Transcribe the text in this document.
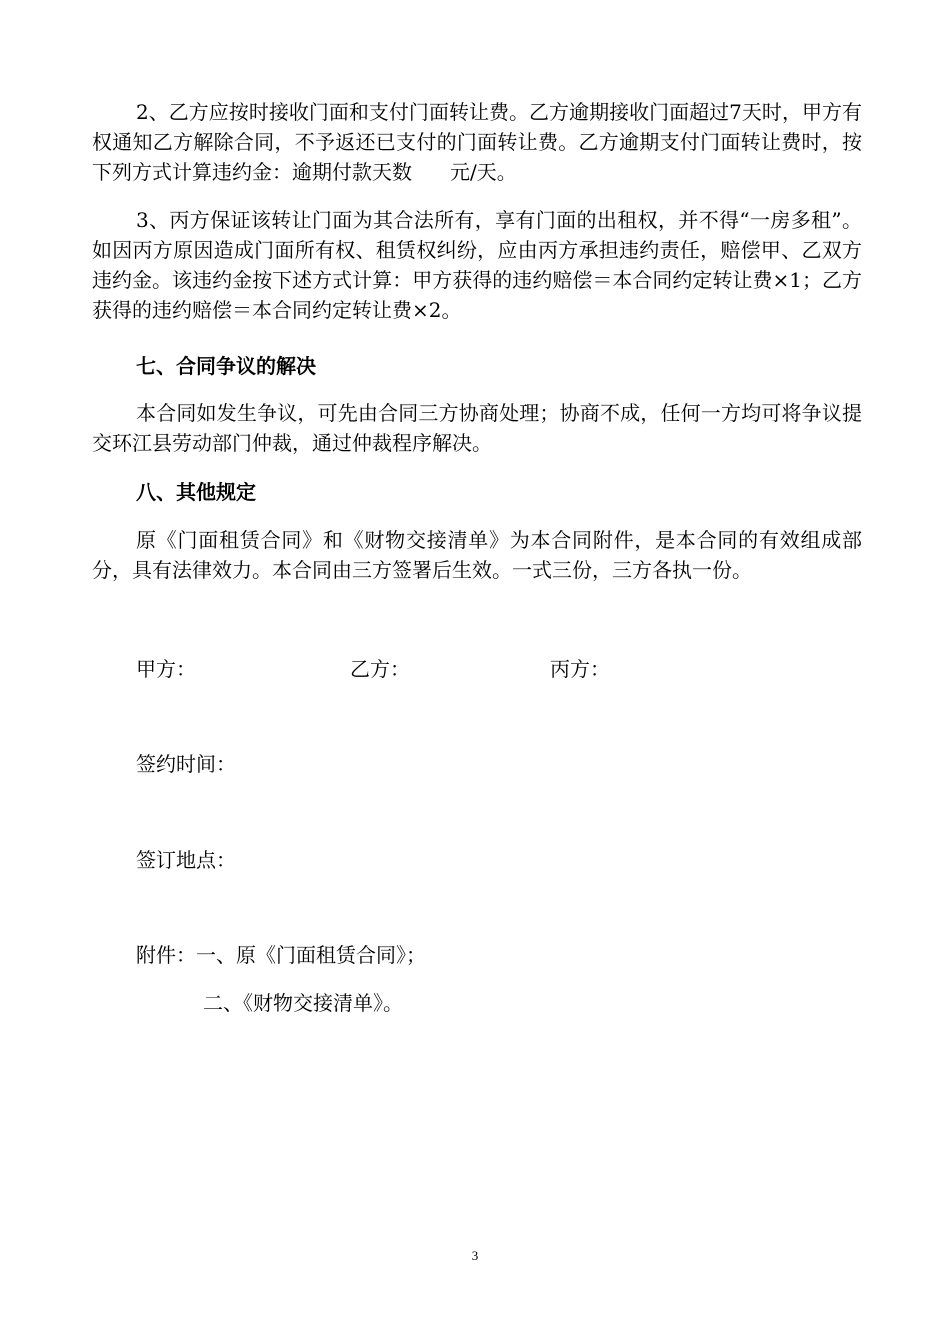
2、乙方应按时接收门面和支付门面转让费。乙方逾期接收门面超过7天时，甲方有权通知乙方解除合同，不予返还已支付的门面转让费。乙方逾期支付门面转让费时，按下列方式计算违约金：逾期付款天数 元/天。

3、丙方保证该转让门面为其合法所有，享有门面的出租权，并不得“一房多租”。如因丙方原因造成门面所有权、租赁权纠纷，应由丙方承担违约责任，赔偿甲、乙双方违约金。该违约金按下述方式计算：甲方获得的违约赔偿＝本合同约定转让费×1；乙方获得的违约赔偿＝本合同约定转让费×2。

七、合同争议的解决

本合同如发生争议，可先由合同三方协商处理；协商不成，任何一方均可将争议提交环江县劳动部门仲裁，通过仲裁程序解决。

八、其他规定

原《门面租赁合同》和《财物交接清单》为本合同附件，是本合同的有效组成部分，具有法律效力。本合同由三方签署后生效。一式三份，三方各执一份。

甲方：	乙方：	丙方：

签约时间：

签订地点：

附件：一、原《门面租赁合同》；

二、《财物交接清单》。

3
